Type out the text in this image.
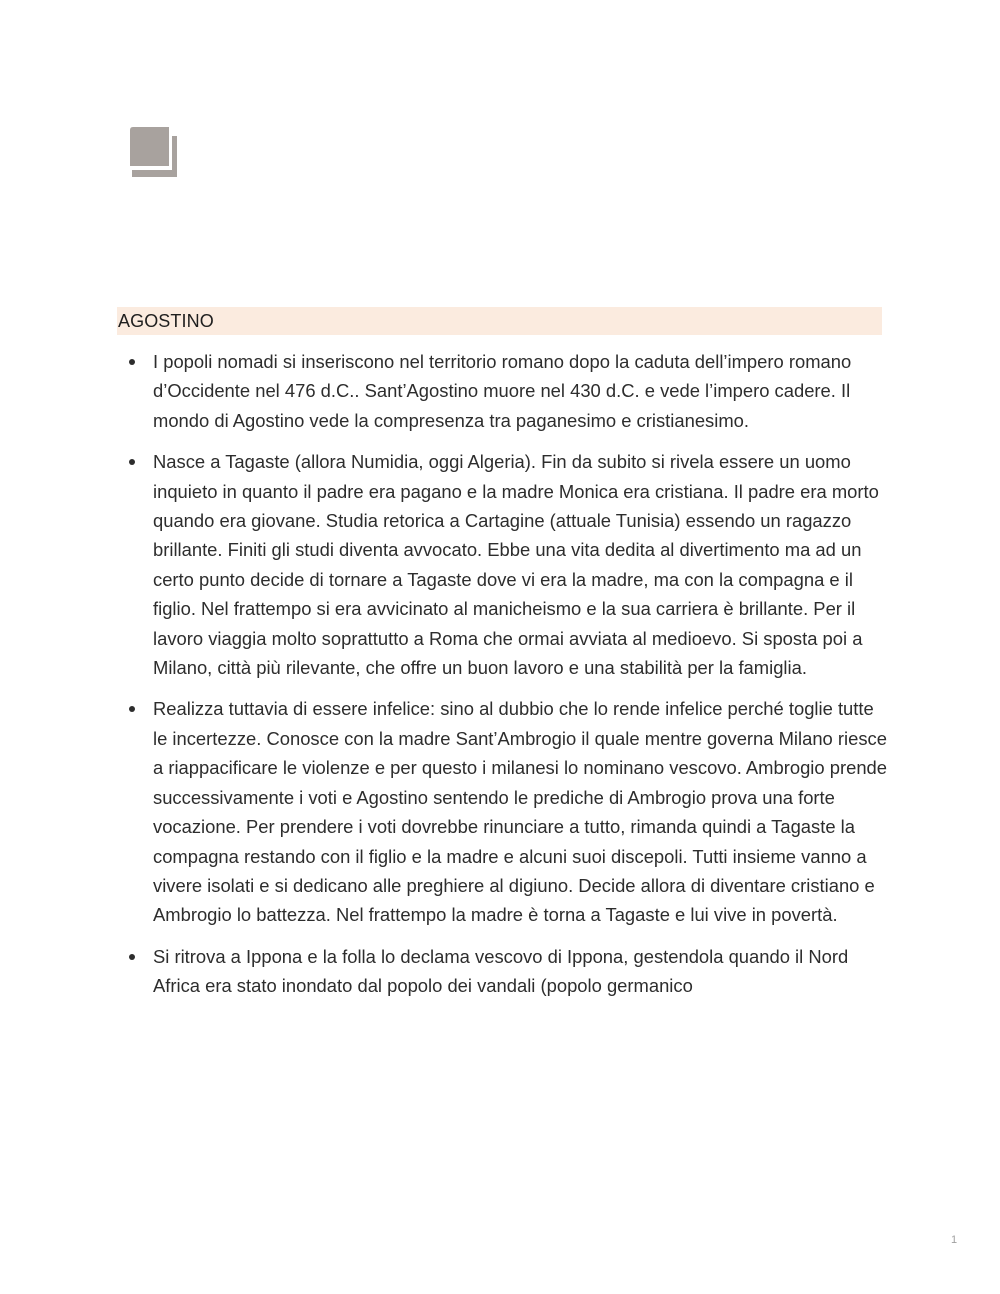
AGOSTINO
I popoli nomadi si inseriscono nel territorio romano dopo la caduta dell’impero romano d’Occidente nel 476 d.C.. Sant’Agostino muore nel 430 d.C. e vede l’impero cadere. Il mondo di Agostino vede la compresenza tra paganesimo e cristianesimo.
Nasce a Tagaste (allora Numidia, oggi Algeria). Fin da subito si rivela essere un uomo inquieto in quanto il padre era pagano e la madre Monica era cristiana. Il padre era morto quando era giovane. Studia retorica a Cartagine (attuale Tunisia) essendo un ragazzo brillante. Finiti gli studi diventa avvocato. Ebbe una vita dedita al divertimento ma ad un certo punto decide di tornare a Tagaste dove vi era la madre, ma con la compagna e il figlio. Nel frattempo si era avvicinato al manicheismo e la sua carriera è brillante. Per il lavoro viaggia molto soprattutto a Roma che ormai avviata al medioevo. Si sposta poi a Milano, città più rilevante, che offre un buon lavoro e una stabilità per la famiglia.
Realizza tuttavia di essere infelice: sino al dubbio che lo rende infelice perché toglie tutte le incertezze. Conosce con la madre Sant’Ambrogio il quale mentre governa Milano riesce a riappacificare le violenze e per questo i milanesi lo nominano vescovo. Ambrogio prende successivamente i voti e Agostino sentendo le prediche di Ambrogio prova una forte vocazione. Per prendere i voti dovrebbe rinunciare a tutto, rimanda quindi a Tagaste la compagna restando con il figlio e la madre e alcuni suoi discepoli. Tutti insieme vanno a vivere isolati e si dedicano alle preghiere al digiuno. Decide allora di diventare cristiano e Ambrogio lo battezza. Nel frattempo la madre è torna a Tagaste e lui vive in povertà.
Si ritrova a Ippona e la folla lo declama vescovo di Ippona, gestendola quando il Nord Africa era stato inondato dal popolo dei vandali (popolo germanico
1
